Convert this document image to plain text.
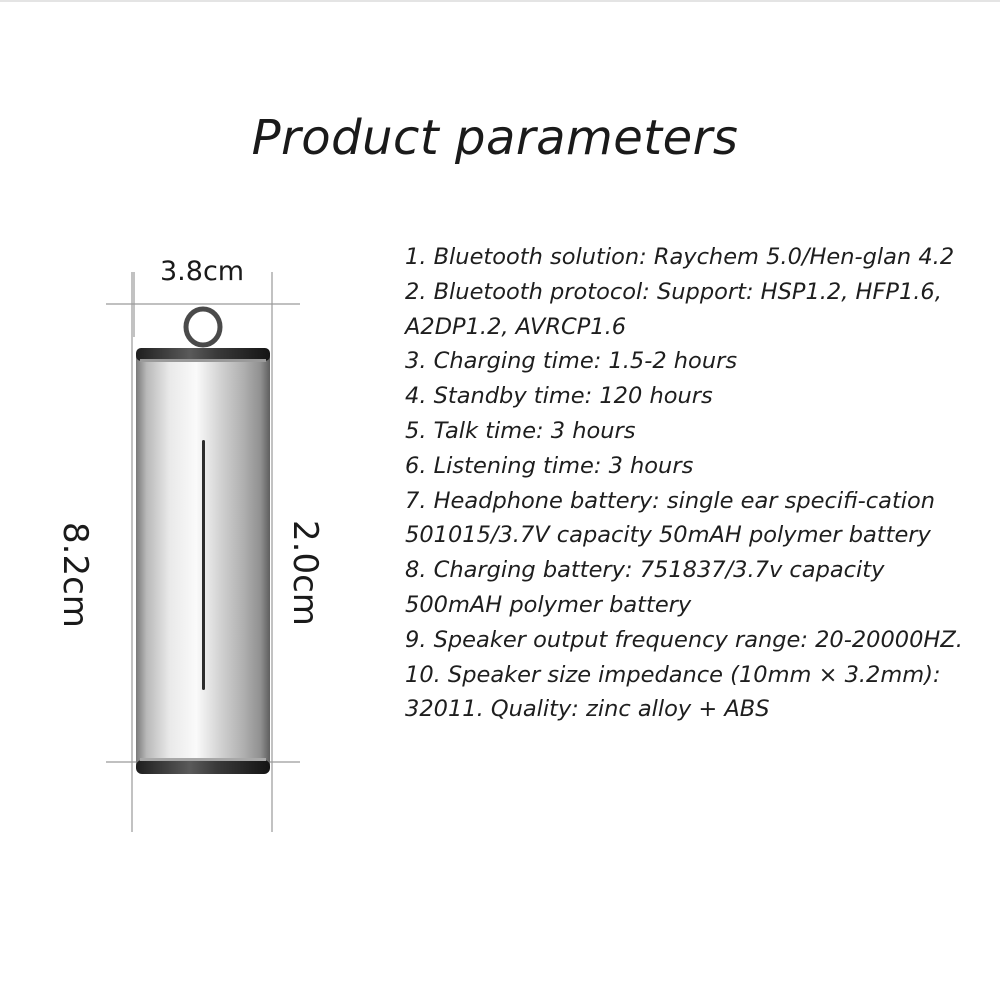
Product parameters
3.8cm
8.2cm	2.0cm
1. Bluetooth solution: Raychem 5.0/Hen-glan 4.2
2. Bluetooth protocol: Support: HSP1.2, HFP1.6, A2DP1.2, AVRCP1.6
3. Charging time: 1.5-2 hours
4. Standby time: 120 hours
5. Talk time: 3 hours
6. Listening time: 3 hours
7. Headphone battery: single ear specifi-cation 501015/3.7V capacity 50mAH polymer battery
8. Charging battery: 751837/3.7v capacity 500mAH polymer battery
9. Speaker output frequency range: 20-20000HZ.
10. Speaker size impedance (10mm × 3.2mm): 32011. Quality: zinc alloy + ABS
